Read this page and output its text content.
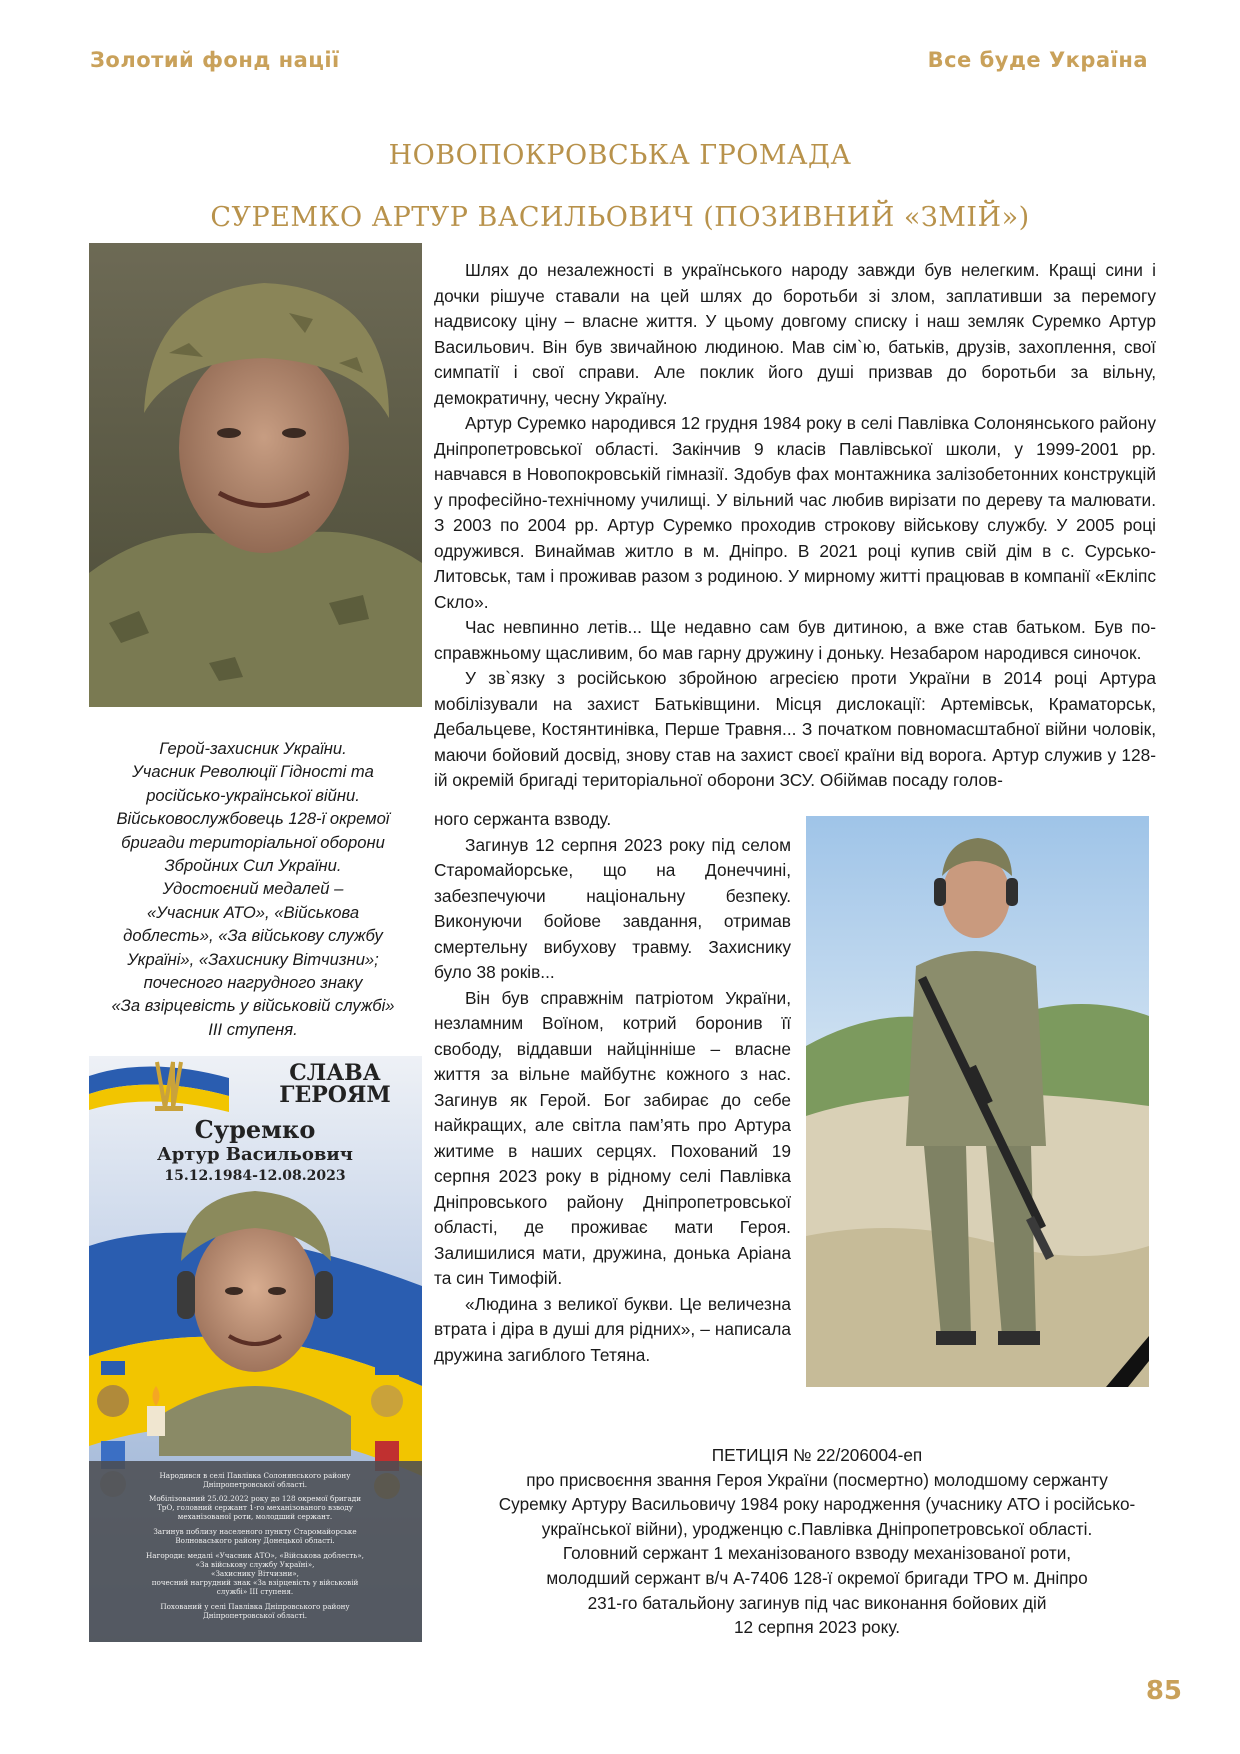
Золотий фонд нації	Все буде Україна
НОВОПОКРОВСЬКА ГРОМАДА
СУРЕМКО АРТУР ВАСИЛЬОВИЧ (ПОЗИВНИЙ «ЗМІЙ»)
Герой-захисник України.
Учасник Революції Гідності та
російсько-української війни.
Військовослужбовець 128-ї окремої
бригади територіальної оборони
Збройних Сил України.
Удостоєний медалей –
«Учасник АТО», «Військова
доблесть», «За військову службу
Україні», «Захиснику Вітчизни»;
почесного нагрудного знаку
«За взірцевість у військовій службі»
ІІІ ступеня.
СЛАВА
ГЕРОЯМ
Суремко
Артур Васильович
15.12.1984-12.08.2023
Народився в селі Павлівка Солонянського району
Дніпропетровської області.
Мобілізований 25.02.2022 року до 128 окремої бригади
ТрО, головний сержант 1-го механізованого взводу
механізованої роти, молодший сержант.
Загинув поблизу населеного пункту Старомайорське
Волноваського району Донецької області.
Нагороди: медалі «Учасник АТО», «Військова доблесть»,
«За військову службу Україні»,
«Захиснику Вітчизни»,
почесний нагрудний знак «За взірцевість у військовій
службі» ІІІ ступеня.
Похований у селі Павлівка Дніпровського району
Дніпропетровської області.

Шлях до незалежності в українського народу завжди був нелегким. Кращі сини і дочки рішуче ставали на цей шлях до боротьби зі злом, заплативши за перемогу надвисоку ціну – власне життя. У цьому довгому списку і наш земляк Суремко Артур Васильович. Він був звичайною людиною. Мав сім`ю, батьків, друзів, захоплення, свої симпатії і свої справи. Але поклик його душі призвав до боротьби за вільну, демократичну, чесну Україну.

Артур Суремко народився 12 грудня 1984 року в селі Павлівка Солонянського району Дніпропетровської області. Закінчив 9 класів Павлівської школи, у 1999-2001 рр. навчався в Новопокровській гімназії. Здобув фах монтажника залізобетонних конструкцій у професійно-технічному училищі. У вільний час любив вирізати по дереву та малювати. З 2003 по 2004 рр. Артур Суремко проходив строкову військову службу. У 2005 році одружився. Винаймав житло в м. Дніпро. В 2021 році купив свій дім в с. Сурсько-Литовськ, там і проживав разом з родиною. У мирному житті працював в компанії «Екліпс Скло».

Час невпинно летів... Ще недавно сам був дитиною, а вже став батьком. Був по-справжньому щасливим, бо мав гарну дружину і доньку. Незабаром народився синочок.

У зв`язку з російською збройною агресією проти України в 2014 році Артура мобілізували на захист Батьківщини. Місця дислокації: Артемівськ, Краматорськ, Дебальцеве, Костянтинівка, Перше Травня... З початком повномасштабної війни чоловік, маючи бойовий досвід, знову став на захист своєї країни від ворога. Артур служив у 128-ій окремій бригаді територіальної оборони ЗСУ. Обіймав посаду голов-

ного сержанта взводу.

Загинув 12 серпня 2023 року під селом Старомайорське, що на Донеччині, забезпечуючи національну безпеку. Виконуючи бойове завдання, отримав смертельну вибухову травму. Захиснику було 38 років...

Він був справжнім патріотом України, незламним Воїном, котрий боронив її свободу, віддавши найцінніше – власне життя за вільне майбутнє кожного з нас. Загинув як Герой. Бог забирає до себе найкращих, але світла пам’ять про Артура житиме в наших серцях. Похований 19 серпня 2023 року в рідному селі Павлівка Дніпровського району Дніпропетровської області, де проживає мати Героя. Залишилися мати, дружина, донька Аріана та син Тимофій.

«Людина з великої букви. Це величезна втрата і діра в душі для рідних», – написала дружина загиблого Тетяна.

ПЕТИЦІЯ № 22/206004-еп
про присвоєння звання Героя України (посмертно) молодшому сержанту
Суремку Артуру Васильовичу 1984 року народження (учаснику АТО і російсько-
української війни), уродженцю с.Павлівка Дніпропетровської області.
Головний сержант 1 механізованого взводу механізованої роти,
молодший сержант в/ч А-7406 128-ї окремої бригади ТРО м. Дніпро
231-го батальйону загинув під час виконання бойових дій
12 серпня 2023 року.
85
